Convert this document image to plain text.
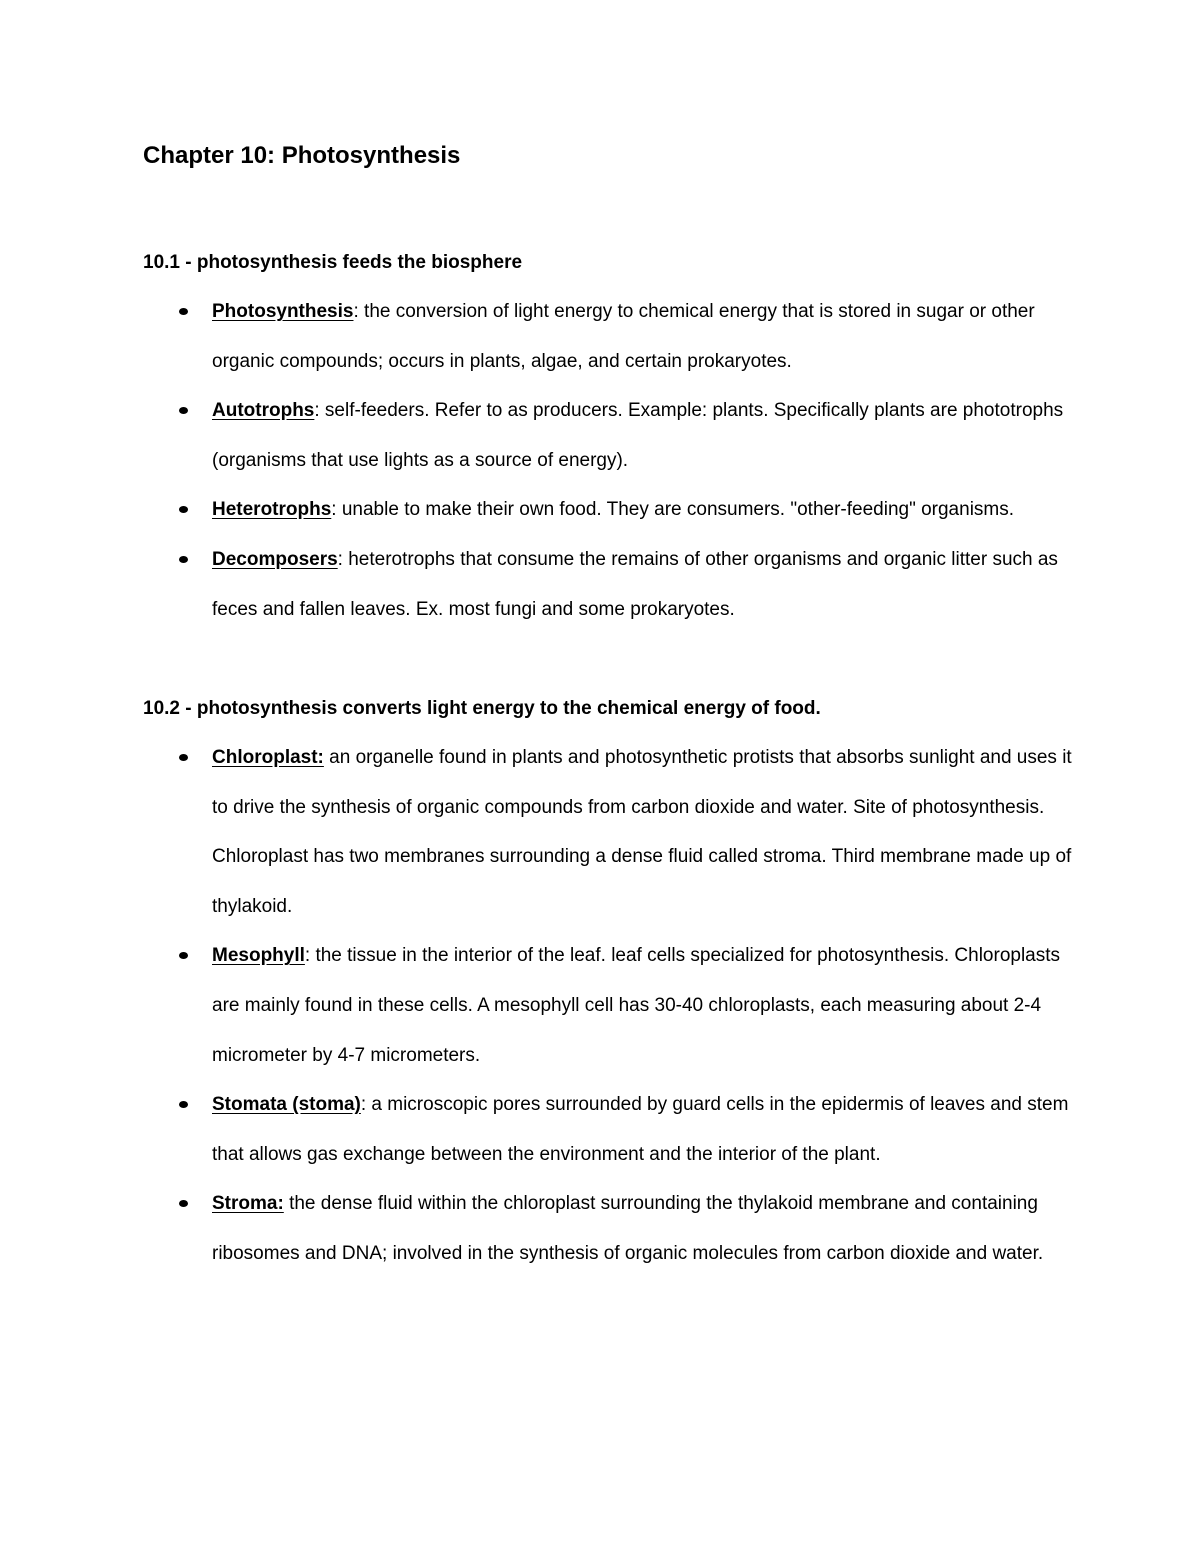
Chapter 10: Photosynthesis
10.1 - photosynthesis feeds the biosphere
Photosynthesis: the conversion of light energy to chemical energy that is stored in sugar or other organic compounds; occurs in plants, algae, and certain prokaryotes.
Autotrophs: self-feeders. Refer to as producers. Example: plants. Specifically plants are phototrophs (organisms that use lights as a source of energy).
Heterotrophs: unable to make their own food. They are consumers. "other-feeding" organisms.
Decomposers: heterotrophs that consume the remains of other organisms and organic litter such as feces and fallen leaves. Ex. most fungi and some prokaryotes.
10.2 - photosynthesis converts light energy to the chemical energy of food.
Chloroplast: an organelle found in plants and photosynthetic protists that absorbs sunlight and uses it to drive the synthesis of organic compounds from carbon dioxide and water. Site of photosynthesis. Chloroplast has two membranes surrounding a dense fluid called stroma. Third membrane made up of thylakoid.
Mesophyll: the tissue in the interior of the leaf. leaf cells specialized for photosynthesis. Chloroplasts are mainly found in these cells. A mesophyll cell has 30-40 chloroplasts, each measuring about 2-4 micrometer by 4-7 micrometers.
Stomata (stoma): a microscopic pores surrounded by guard cells in the epidermis of leaves and stem that allows gas exchange between the environment and the interior of the plant.
Stroma: the dense fluid within the chloroplast surrounding the thylakoid membrane and containing ribosomes and DNA; involved in the synthesis of organic molecules from carbon dioxide and water.
